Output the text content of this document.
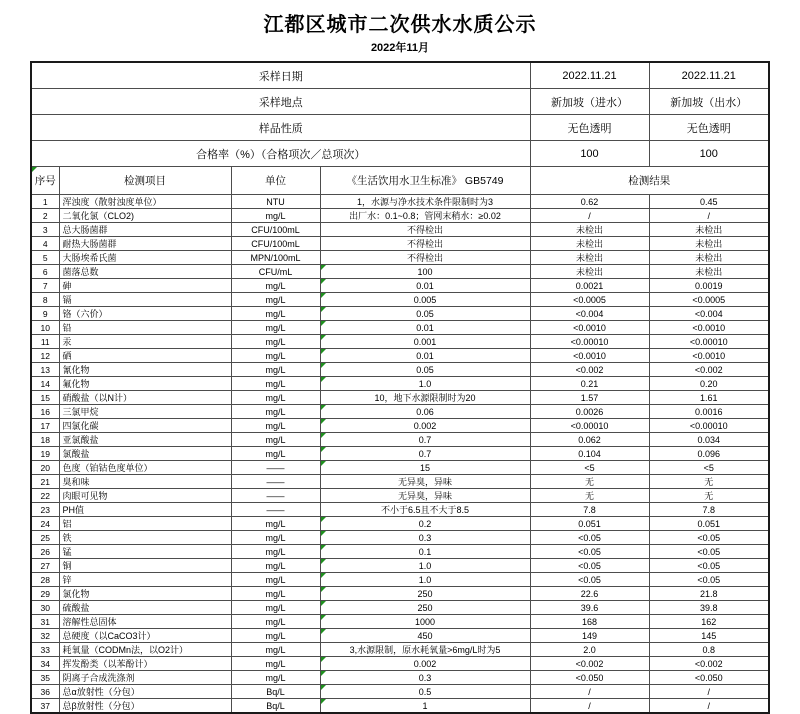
江都区城市二次供水水质公示
2022年11月
采样日期				2022.11.21	2022.11.21
采样地点				新加坡（进水）	新加坡（出水）
样品性质				无色透明	无色透明
合格率（%）（合格项次／总项次）				100	100

序号	检测项目	单位	《生活饮用水卫生标准》 GB5749	检测结果	
1	浑浊度（散射浊度单位）	NTU	1，水源与净水技术条件限制时为3	0.62	0.45
2	二氧化氯（CLO2)	mg/L	出厂水：0.1~0.8；管网末稍水：≥0.02	/	/
3	总大肠菌群	CFU/100mL	不得检出	未检出	未检出
4	耐热大肠菌群	CFU/100mL	不得检出	未检出	未检出
5	大肠埃希氏菌	MPN/100mL	不得检出	未检出	未检出
6	菌落总数	CFU/mL	100	未检出	未检出
7	砷	mg/L	0.01	0.0021	0.0019
8	镉	mg/L	0.005	<0.0005	<0.0005
9	铬（六价）	mg/L	0.05	<0.004	<0.004
10	铅	mg/L	0.01	<0.0010	<0.0010
11	汞	mg/L	0.001	<0.00010	<0.00010
12	硒	mg/L	0.01	<0.0010	<0.0010
13	氰化物	mg/L	0.05	<0.002	<0.002
14	氟化物	mg/L	1.0	0.21	0.20
15	硝酸盐（以N计）	mg/L	10，地下水源限制时为20	1.57	1.61
16	三氯甲烷	mg/L	0.06	0.0026	0.0016
17	四氯化碳	mg/L	0.002	<0.00010	<0.00010
18	亚氯酸盐	mg/L	0.7	0.062	0.034
19	氯酸盐	mg/L	0.7	0.104	0.096
20	色度（铂钴色度单位）	——	15	<5	<5
21	臭和味	——	无异臭，异味	无	无
22	肉眼可见物	——	无异臭，异味	无	无
23	PH值	——	不小于6.5且不大于8.5	7.8	7.8
24	铝	mg/L	0.2	0.051	0.051
25	铁	mg/L	0.3	<0.05	<0.05
26	锰	mg/L	0.1	<0.05	<0.05
27	铜	mg/L	1.0	<0.05	<0.05
28	锌	mg/L	1.0	<0.05	<0.05
29	氯化物	mg/L	250	22.6	21.8
30	硫酸盐	mg/L	250	39.6	39.8
31	溶解性总固体	mg/L	1000	168	162
32	总硬度（以CaCO3计）	mg/L	450	149	145
33	耗氧量（CODMn法，以O2计）	mg/L	3,水源限制，原水耗氧量>6mg/L时为5	2.0	0.8
34	挥发酚类（以苯酚计）	mg/L	0.002	<0.002	<0.002
35	阴离子合成洗涤剂	mg/L	0.3	<0.050	<0.050
36	总α放射性（分包）	Bq/L	0.5	/	/
37	总β放射性（分包）	Bq/L	1	/	/
